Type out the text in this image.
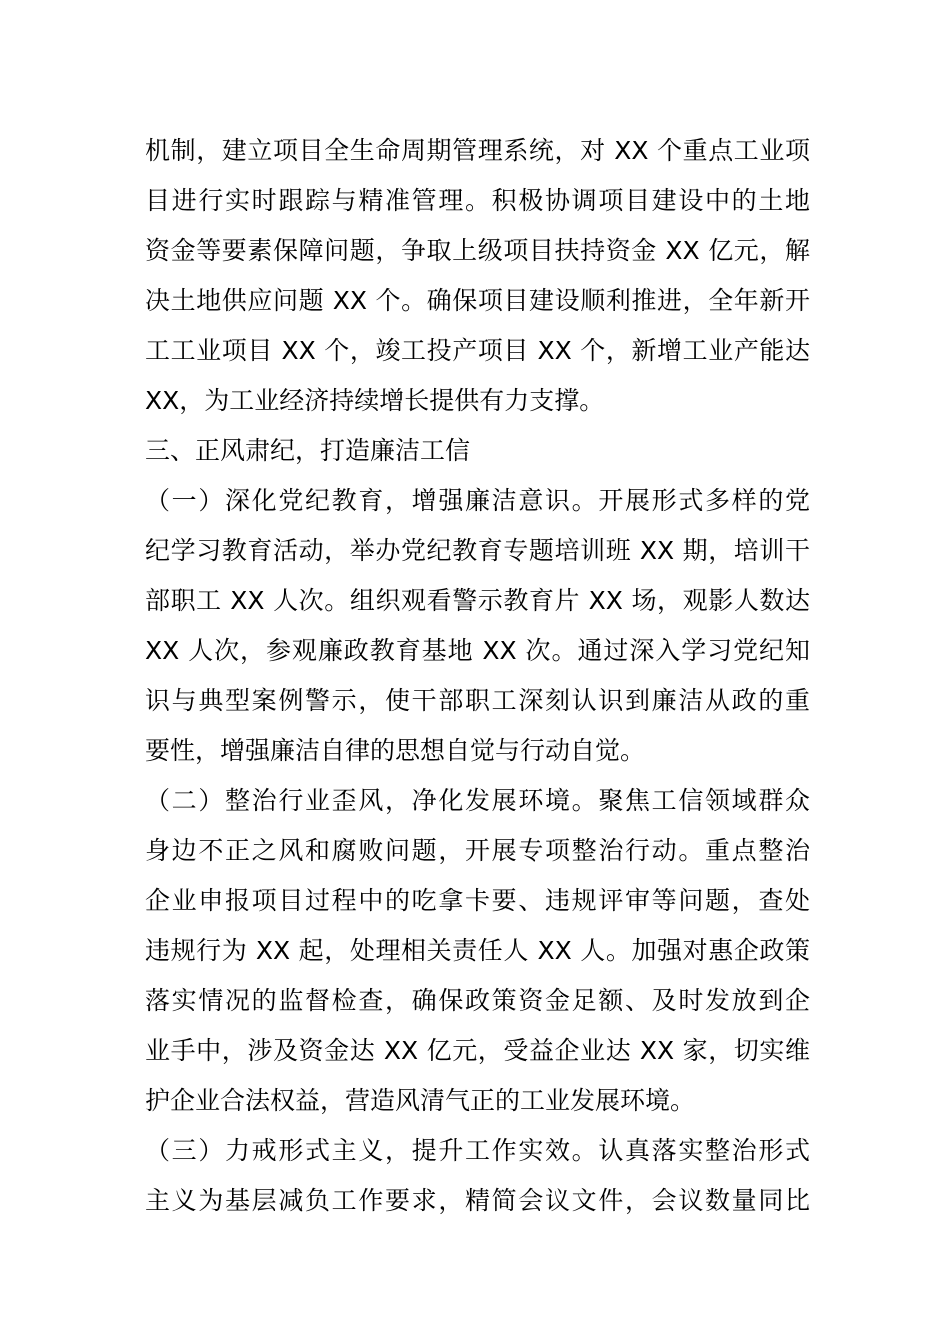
机制，建立项目全生命周期管理系统，对 XX 个重点工业项
目进行实时跟踪与精准管理。积极协调项目建设中的土地
资金等要素保障问题，争取上级项目扶持资金 XX 亿元，解
决土地供应问题 XX 个。确保项目建设顺利推进，全年新开
工工业项目 XX 个，竣工投产项目 XX 个，新增工业产能达
XX，为工业经济持续增长提供有力支撑。
三、正风肃纪，打造廉洁工信
（一）深化党纪教育，增强廉洁意识。开展形式多样的党
纪学习教育活动，举办党纪教育专题培训班 XX 期，培训干
部职工 XX 人次。组织观看警示教育片 XX 场，观影人数达
XX 人次，参观廉政教育基地 XX 次。通过深入学习党纪知
识与典型案例警示，使干部职工深刻认识到廉洁从政的重
要性，增强廉洁自律的思想自觉与行动自觉。
（二）整治行业歪风，净化发展环境。聚焦工信领域群众
身边不正之风和腐败问题，开展专项整治行动。重点整治
企业申报项目过程中的吃拿卡要、违规评审等问题，查处
违规行为 XX 起，处理相关责任人 XX 人。加强对惠企政策
落实情况的监督检查，确保政策资金足额、及时发放到企
业手中，涉及资金达 XX 亿元，受益企业达 XX 家，切实维
护企业合法权益，营造风清气正的工业发展环境。
（三）力戒形式主义，提升工作实效。认真落实整治形式
主义为基层减负工作要求，精简会议文件，会议数量同比
